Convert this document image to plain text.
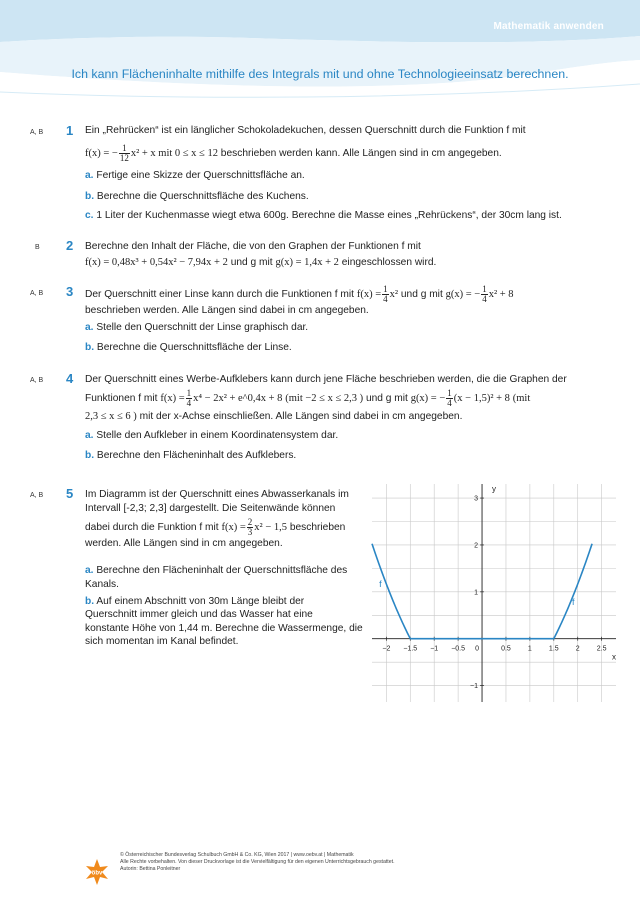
Mathematik anwenden
Ich kann Flächeninhalte mithilfe des Integrals mit und ohne Technologieeinsatz berechnen.
A, B 1 Ein „Rehrücken“ ist ein länglicher Schokoladekuchen, dessen Querschnitt durch die Funktion f mit
f(x) = − $\frac{1}{12} x^2 + x$ mit 0 ≤ x ≤ 12 beschrieben werden kann. Alle Längen sind in cm angegeben.
a. Fertige eine Skizze der Querschnittsfläche an.
b. Berechne die Querschnittsfläche des Kuchens.
c. 1 Liter der Kuchenmasse wiegt etwa 600g. Berechne die Masse eines „Rehrückens“, der 30cm lang ist.
B 2 Berechne den Inhalt der Fläche, die von den Graphen der Funktionen f mit
f(x) = 0,48x³ + 0,54x² − 7,94x + 2 und g mit g(x) = 1,4x + 2 eingeschlossen wird.
A, B 3 Der Querschnitt einer Linse kann durch die Funktionen f mit $f(x) = \frac{1}{4} x^2$ und g mit g(x) = − $\frac{1}{4} x^2 + 8$
beschrieben werden. Alle Längen sind dabei in cm angegeben.
a. Stelle den Querschnitt der Linse graphisch dar.
b. Berechne die Querschnittsfläche der Linse.
A, B 4 Der Querschnitt eines Werbe-Aufklebers kann durch jene Fläche beschrieben werden, die die Graphen der
Funktionen f mit $f(x) = \frac{1}{4} x^4 - 2x^2$ + e^0,4x + 8 (mit −2 ≤ x ≤ 2,3 ) und g mit g(x) = − $\frac{1}{4} (x - 1,5)^2 + 8$ (mit
2,3 ≤ x ≤ 6 ) mit der x-Achse einschließen. Alle Längen sind dabei in cm angegeben.
a. Stelle den Aufkleber in einem Koordinatensystem dar.
b. Berechne den Flächeninhalt des Aufklebers.
A, B 5 Im Diagramm ist der Querschnitt eines Abwasserkanals im
Intervall [-2,3; 2,3] dargestellt. Die Seitenwände können
dabei durch die Funktion f mit $f(x) = \frac{2}{3} x^2 - 1,5$ beschrieben
werden. Alle Längen sind in cm angegeben.
a. Berechne den Flächeninhalt der Querschnittsfläche des
Kanals.
b. Auf einem Abschnitt von 30m Länge bleibt der
Querschnitt immer gleich und das Wasser hat eine
konstante Höhe von 1,44 m. Berechne die Wassermenge, die
sich momentan im Kanal befindet.
−2 −1.5 −1 −0.5 0	0.5 1 1.5 2 2.5
3
2
1
−1
x
y
f
f
öbv
© Österreichischer Bundesverlag Schulbuch GmbH & Co. KG, Wien 2017 | www.oebv.at | Mathematik
Alle Rechte vorbehalten. Von dieser Druckvorlage ist die Vervielfältigung für den eigenen Unterrichtsgebrauch gestattet.
Autorin: Bettina Ponleitner
